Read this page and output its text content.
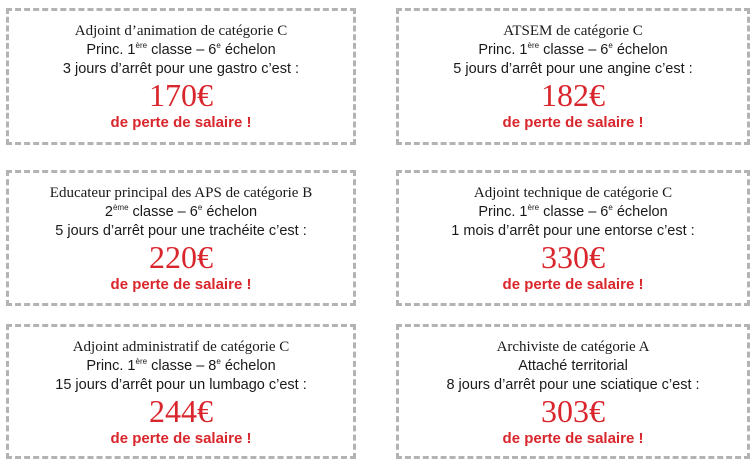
Adjoint d’animation de catégorie C
Princ. 1ère classe – 6e échelon
3 jours d’arrêt pour une gastro c’est :
170€
de perte de salaire !
ATSEM de catégorie C
Princ. 1ère classe – 6e échelon
5 jours d’arrêt pour une angine c’est :
182€
de perte de salaire !
Educateur principal des APS de catégorie B
2ème classe – 6e échelon
5 jours d’arrêt pour une trachéite c’est :
220€
de perte de salaire !
Adjoint technique de catégorie C
Princ. 1ère classe – 6e échelon
1 mois d’arrêt pour une entorse c’est :
330€
de perte de salaire !
Adjoint administratif de catégorie C
Princ. 1ère classe – 8e échelon
15 jours d’arrêt pour un lumbago c’est :
244€
de perte de salaire !
Archiviste de catégorie A
Attaché territorial
8 jours d’arrêt pour une sciatique c’est :
303€
de perte de salaire !
